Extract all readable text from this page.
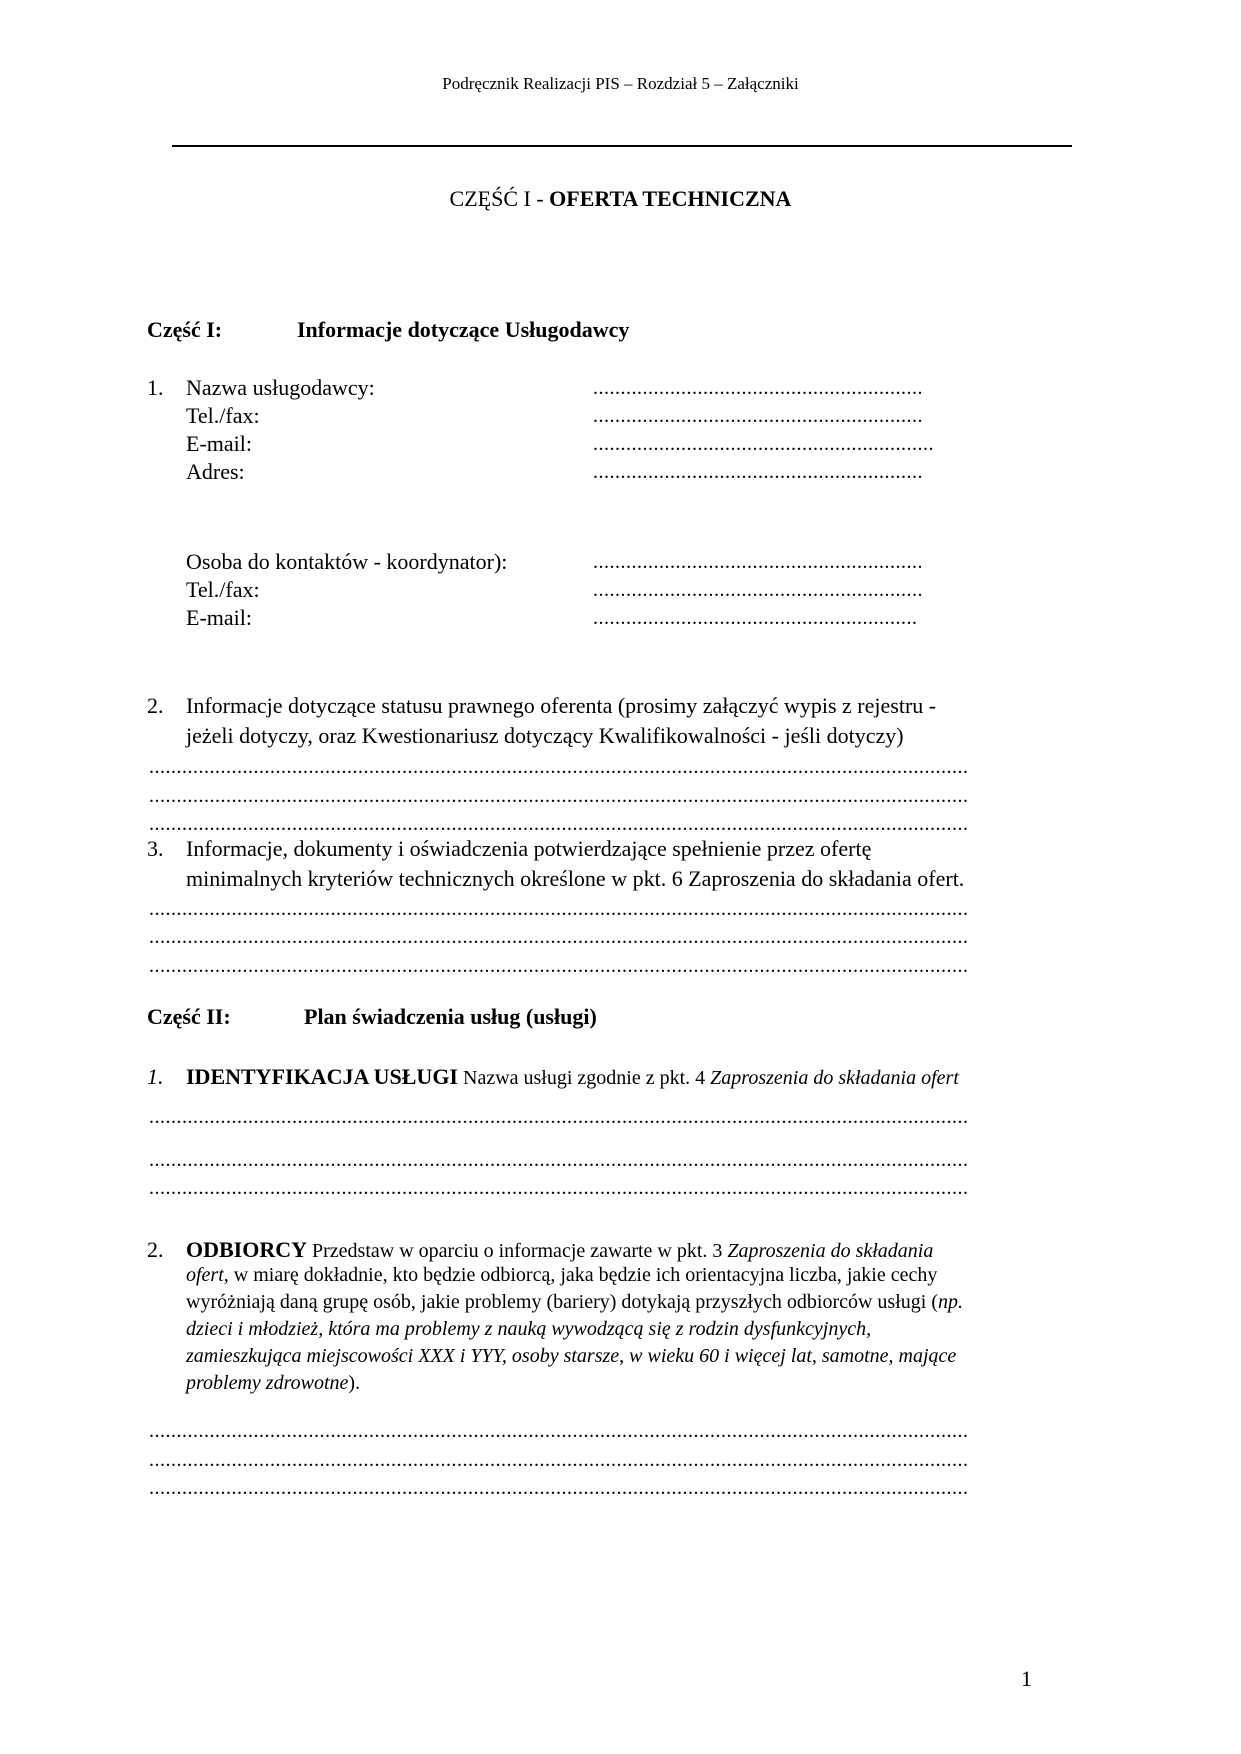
Podręcznik Realizacji PIS – Rozdział 5 – Załączniki
CZĘŚĆ I - OFERTA TECHNICZNA
Część I:	Informacje dotyczące Usługodawcy
1. Nazwa usługodawcy:	............................................................
Tel./fax:	............................................................
E-mail:	..............................................................
Adres:	............................................................
Osoba do kontaktów - koordynator):	............................................................
Tel./fax:	............................................................
E-mail:	...........................................................
2. Informacje dotyczące statusu prawnego oferenta (prosimy załączyć wypis z rejestru -
jeżeli dotyczy, oraz Kwestionariusz dotyczący Kwalifikowalności - jeśli dotyczy)
.....................................................................................................................................................
.....................................................................................................................................................
.....................................................................................................................................................
3. Informacje, dokumenty i oświadczenia potwierdzające spełnienie przez ofertę
minimalnych kryteriów technicznych określone w pkt. 6 Zaproszenia do składania ofert.
.....................................................................................................................................................
.....................................................................................................................................................
.....................................................................................................................................................
Część II:	Plan świadczenia usług (usługi)
1. IDENTYFIKACJA USŁUGI Nazwa usługi zgodnie z pkt. 4 Zaproszenia do składania ofert
.....................................................................................................................................................
.....................................................................................................................................................
.....................................................................................................................................................
2. ODBIORCY Przedstaw w oparciu o informacje zawarte w pkt. 3 Zaproszenia do składania
ofert, w miarę dokładnie, kto będzie odbiorcą, jaka będzie ich orientacyjna liczba, jakie cechy
wyróżniają daną grupę osób, jakie problemy (bariery) dotykają przyszłych odbiorców usługi (np.
dzieci i młodzież, która ma problemy z nauką wywodzącą się z rodzin dysfunkcyjnych,
zamieszkująca miejscowości XXX i YYY, osoby starsze, w wieku 60 i więcej lat, samotne, mające
problemy zdrowotne).
.....................................................................................................................................................
.....................................................................................................................................................
.....................................................................................................................................................
1
